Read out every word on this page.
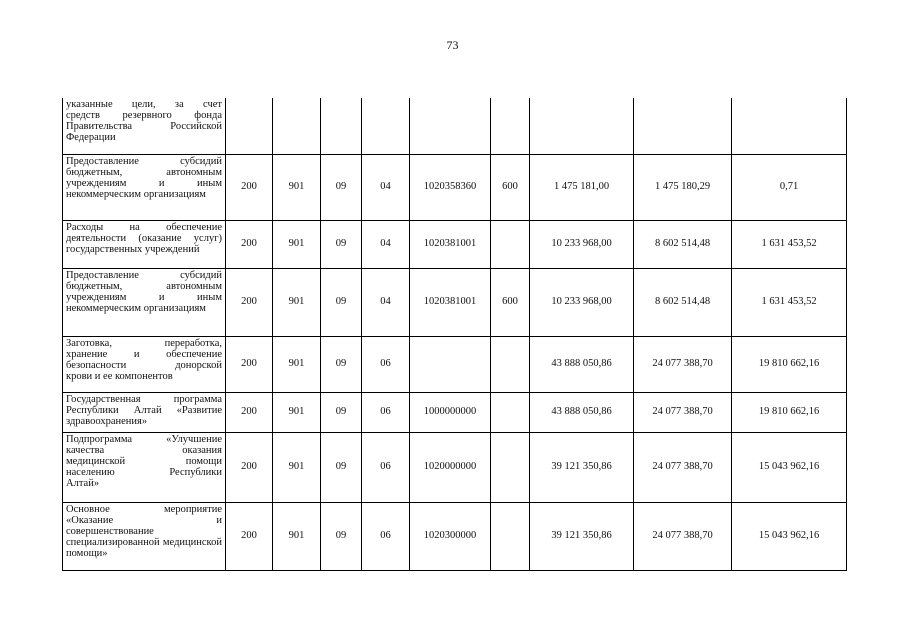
73
указанные цели, за счет
средств резервного фонда
Правительства Российской
Федерации									

Предоставление субсидий
бюджетным, автономным
учреждениям и иным
некоммерческим организациям	200	901	09	04	1020358360	600	1 475 181,00	1 475 180,29	0,71

Расходы на обеспечение
деятельности (оказание услуг)
государственных учреждений	200	901	09	04	1020381001		10 233 968,00	8 602 514,48	1 631 453,52

Предоставление субсидий
бюджетным, автономным
учреждениям и иным
некоммерческим организациям	200	901	09	04	1020381001	600	10 233 968,00	8 602 514,48	1 631 453,52

Заготовка, переработка,
хранение и обеспечение
безопасности донорской
крови и ее компонентов	200	901	09	06			43 888 050,86	24 077 388,70	19 810 662,16

Государственная программа
Республики Алтай «Развитие
здравоохранения»	200	901	09	06	1000000000		43 888 050,86	24 077 388,70	19 810 662,16

Подпрограмма «Улучшение
качества оказания
медицинской помощи
населению Республики
Алтай»	200	901	09	06	1020000000		39 121 350,86	24 077 388,70	15 043 962,16

Основное мероприятие
«Оказание и
совершенствование специализированной медицинской помощи»	200	901	09	06	1020300000		39 121 350,86	24 077 388,70	15 043 962,16
